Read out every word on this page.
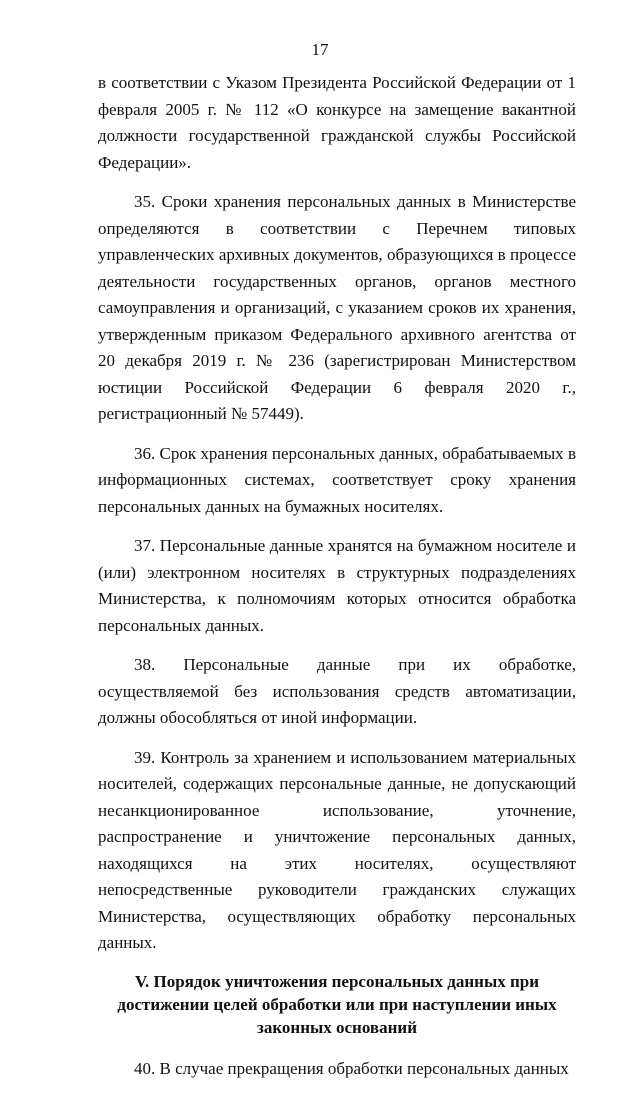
17

в соответствии с Указом Президента Российской Федерации от 1 февраля 2005 г. № 112 «О конкурсе на замещение вакантной должности государственной гражданской службы Российской Федерации».

35. Сроки хранения персональных данных в Министерстве определяются в соответствии с Перечнем типовых управленческих архивных документов, образующихся в процессе деятельности государственных органов, органов местного самоуправления и организаций, с указанием сроков их хранения, утвержденным приказом Федерального архивного агентства от 20 декабря 2019 г. № 236 (зарегистрирован Министерством юстиции Российской Федерации 6 февраля 2020 г., регистрационный № 57449).

36. Срок хранения персональных данных, обрабатываемых в информационных системах, соответствует сроку хранения персональных данных на бумажных носителях.

37. Персональные данные хранятся на бумажном носителе и (или) электронном носителях в структурных подразделениях Министерства, к полномочиям которых относится обработка персональных данных.

38. Персональные данные при их обработке, осуществляемой без использования средств автоматизации, должны обособляться от иной информации.

39. Контроль за хранением и использованием материальных носителей, содержащих персональные данные, не допускающий несанкционированное использование, уточнение, распространение и уничтожение персональных данных, находящихся на этих носителях, осуществляют непосредственные руководители гражданских служащих Министерства, осуществляющих обработку персональных данных.

V. Порядок уничтожения персональных данных при достижении целей обработки или при наступлении иных законных оснований

40. В случае прекращения обработки персональных данных
